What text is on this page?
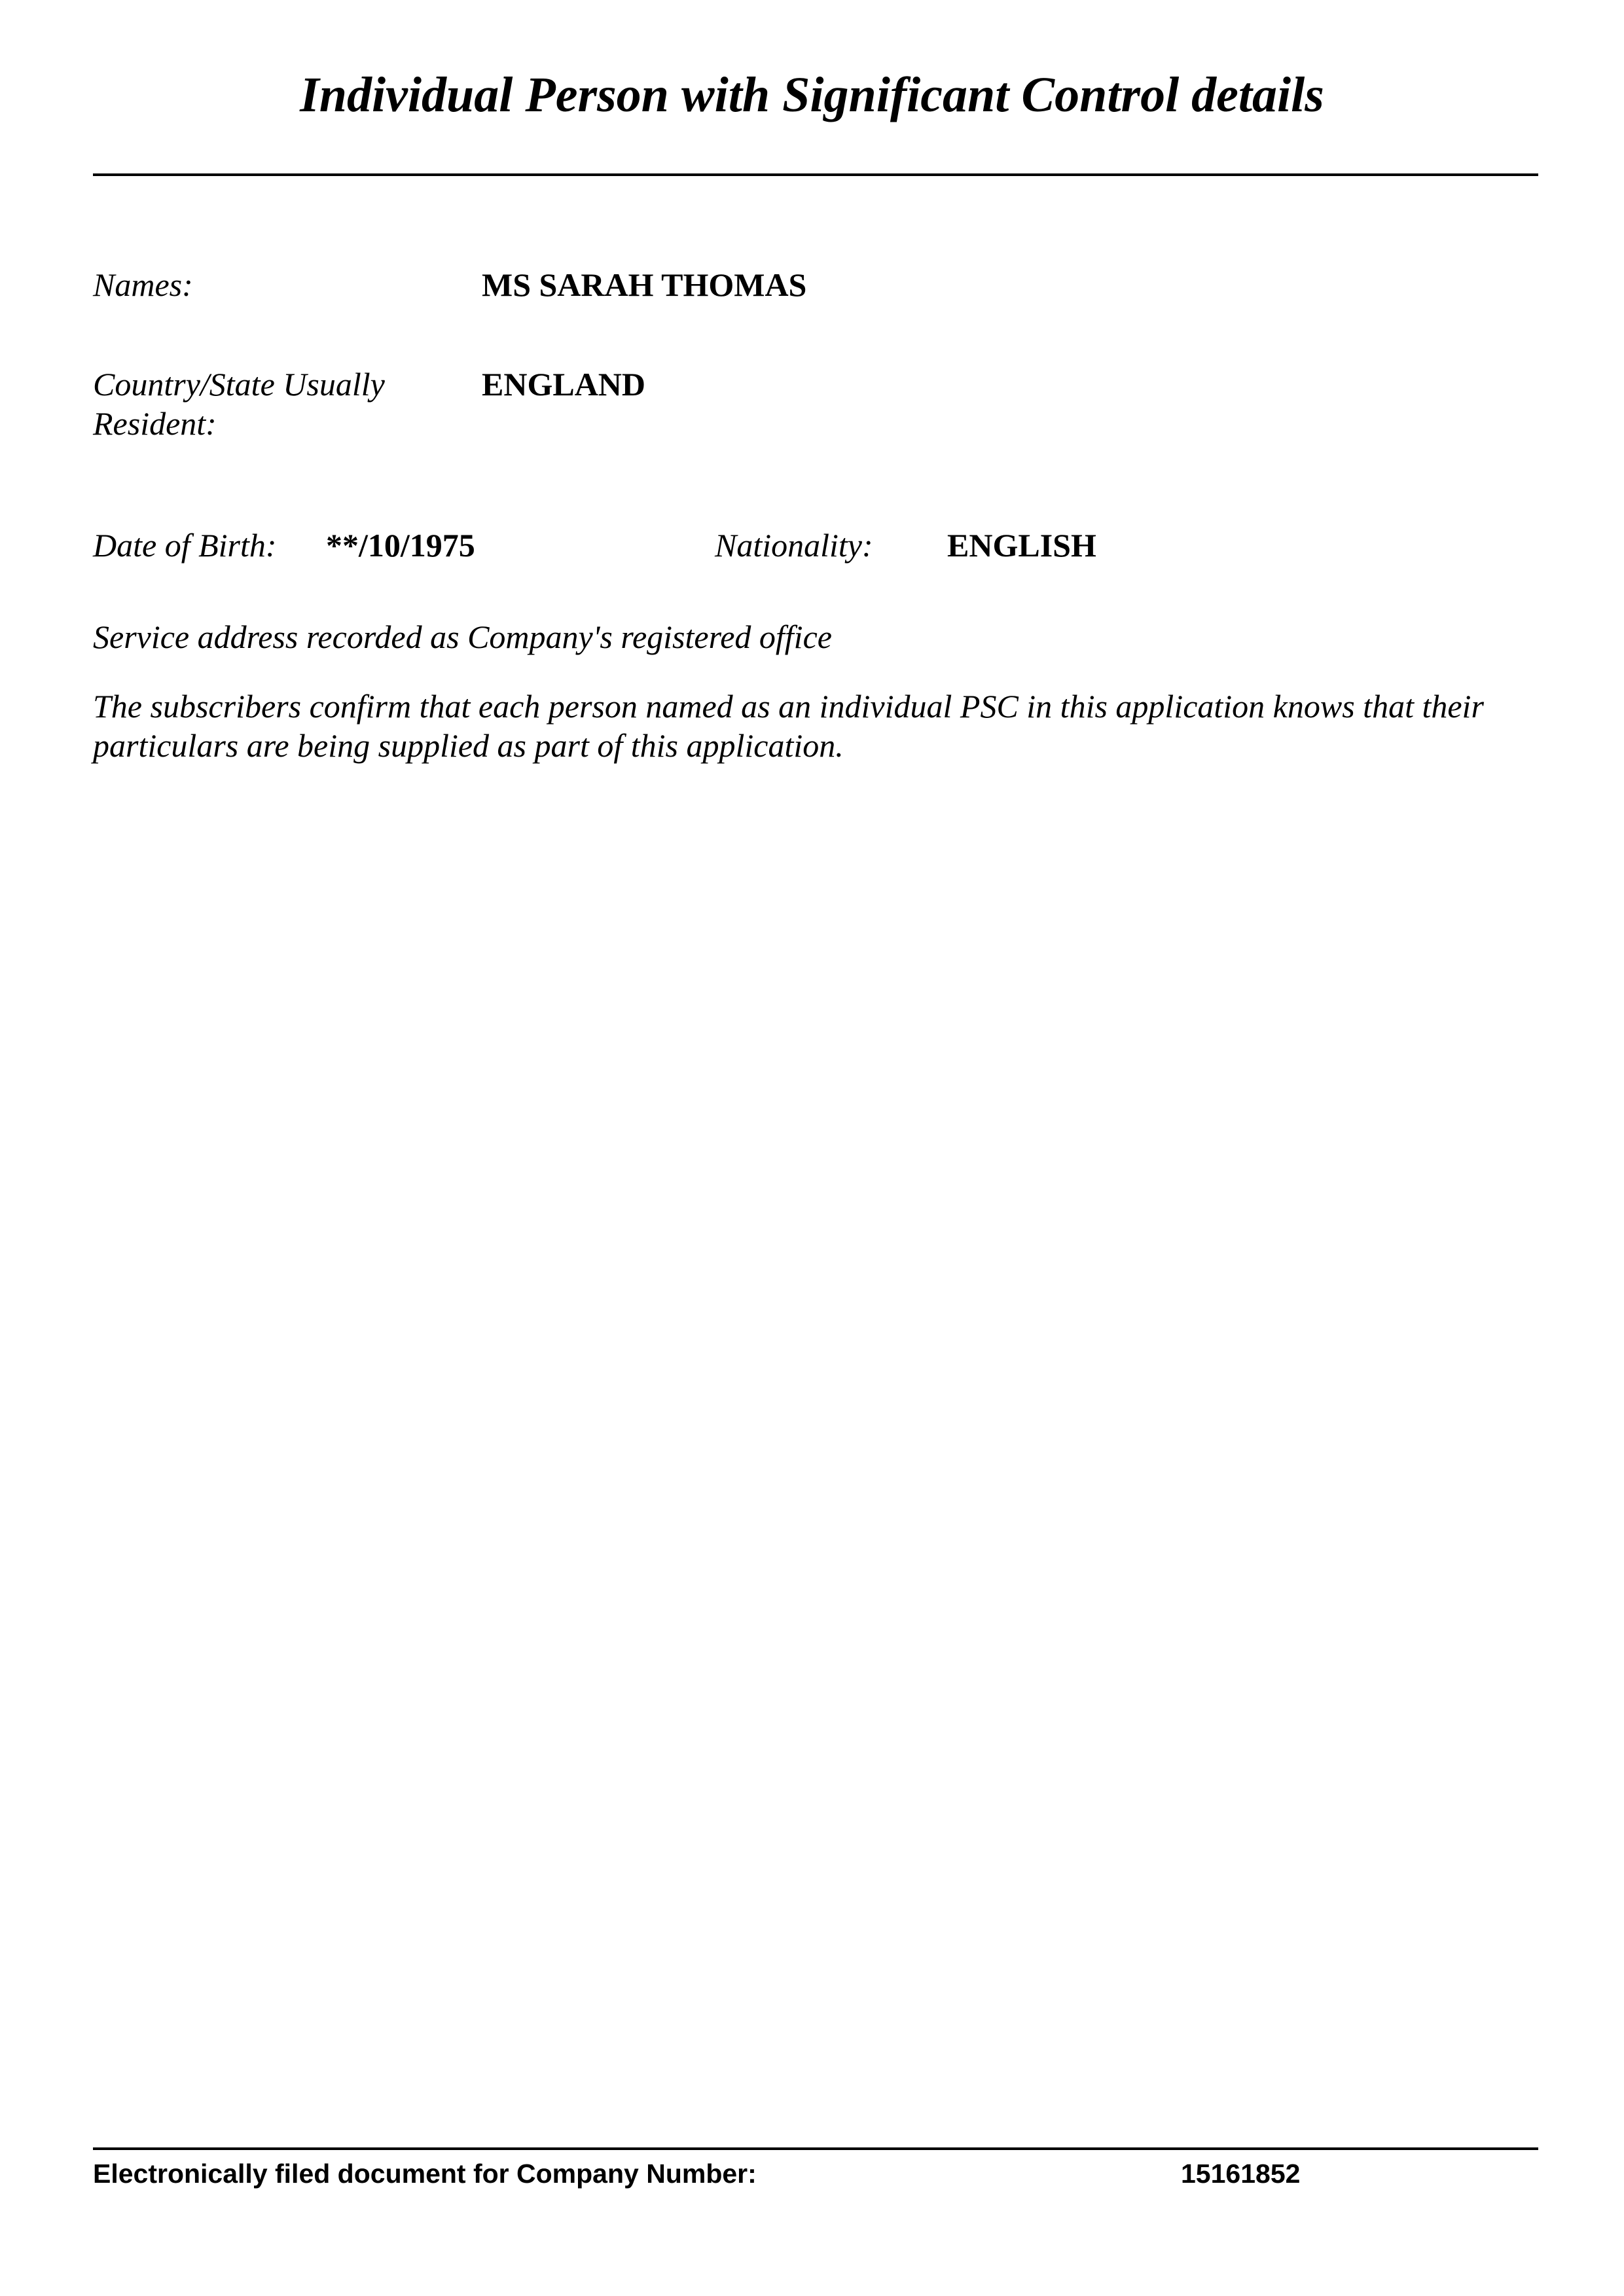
Individual Person with Significant Control details
Names:	MS SARAH THOMAS
Country/State Usually
Resident:
ENGLAND
Date of Birth: **/10/1975	Nationality: ENGLISH
Service address recorded as Company's registered office
The subscribers confirm that each person named as an individual PSC in this application knows that their particulars are being supplied as part of this application.
Electronically filed document for Company Number:	15161852
